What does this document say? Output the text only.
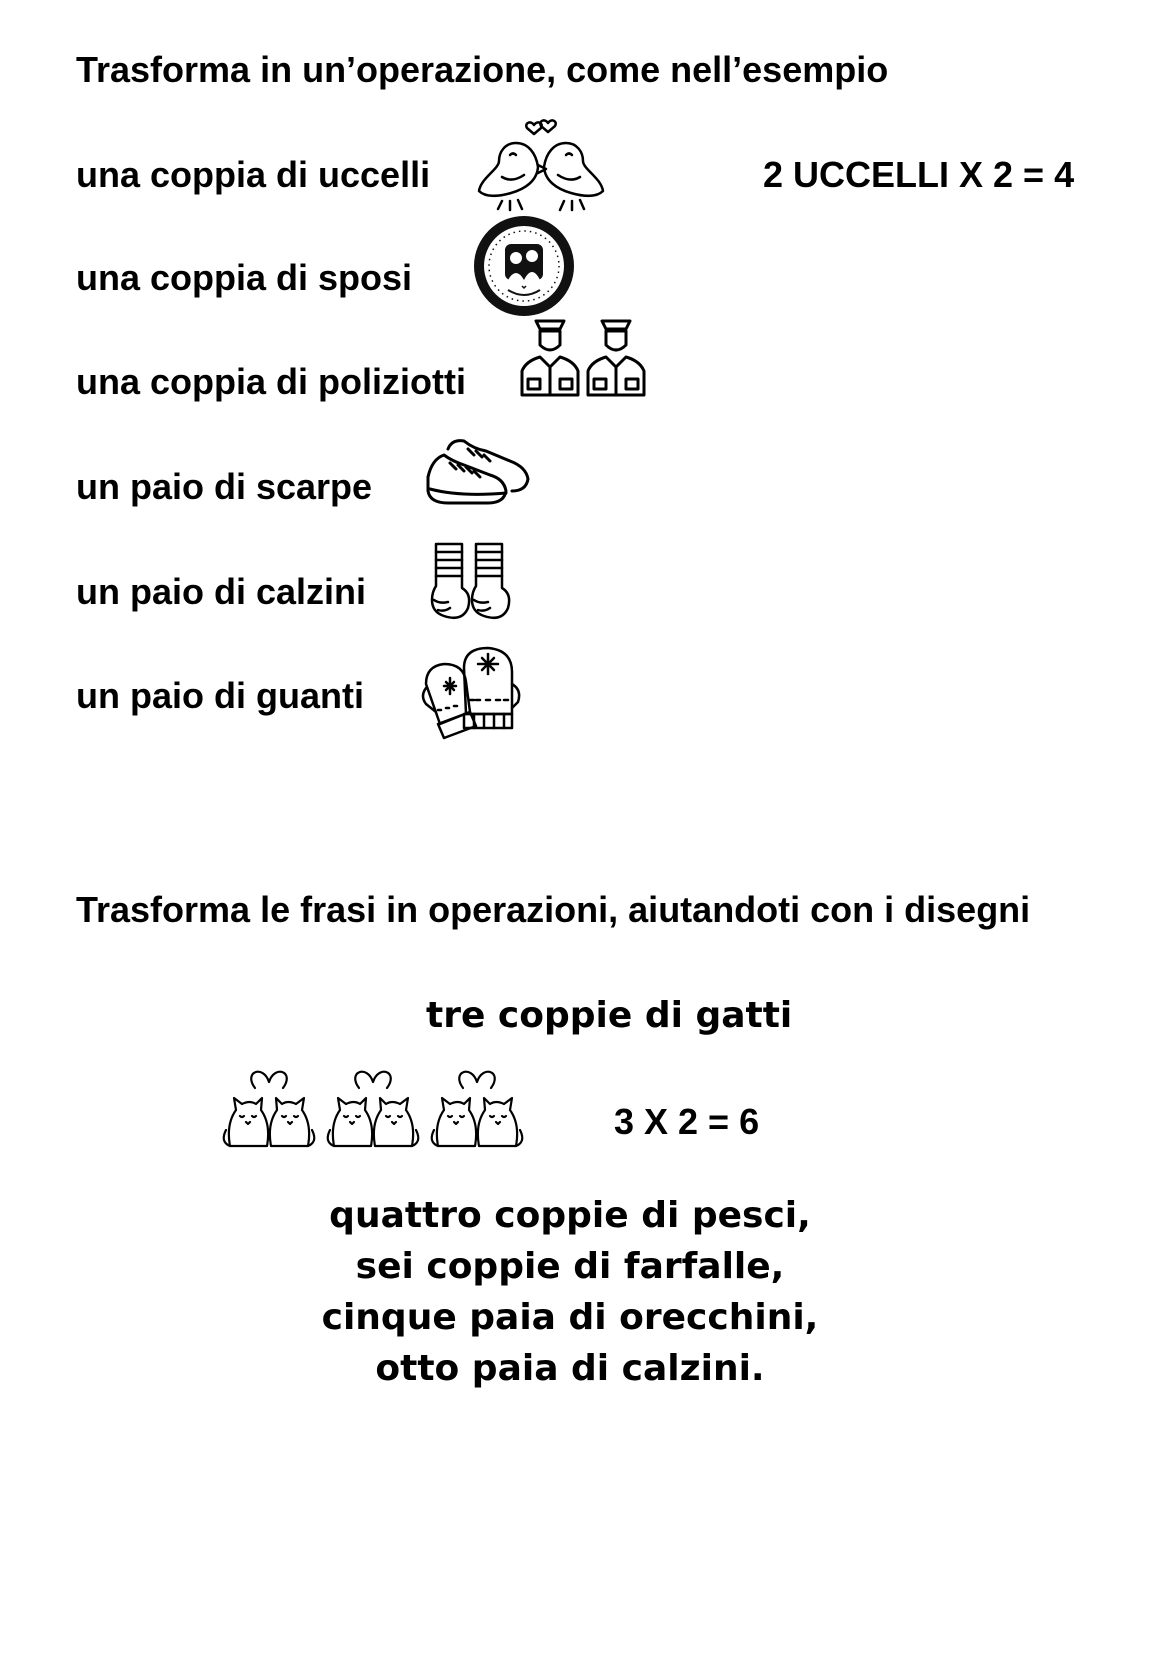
Trasforma in un’operazione, come nell’esempio
una coppia di uccelli	2 UCCELLI X 2 = 4
una coppia di sposi
una coppia di poliziotti
un paio di scarpe
un paio di calzini
un paio di guanti
Trasforma le frasi in operazioni, aiutandoti con i disegni
tre coppie di gatti
3 X 2 = 6
quattro coppie di pesci,
sei coppie di farfalle,
cinque paia di orecchini,
otto paia di calzini.
